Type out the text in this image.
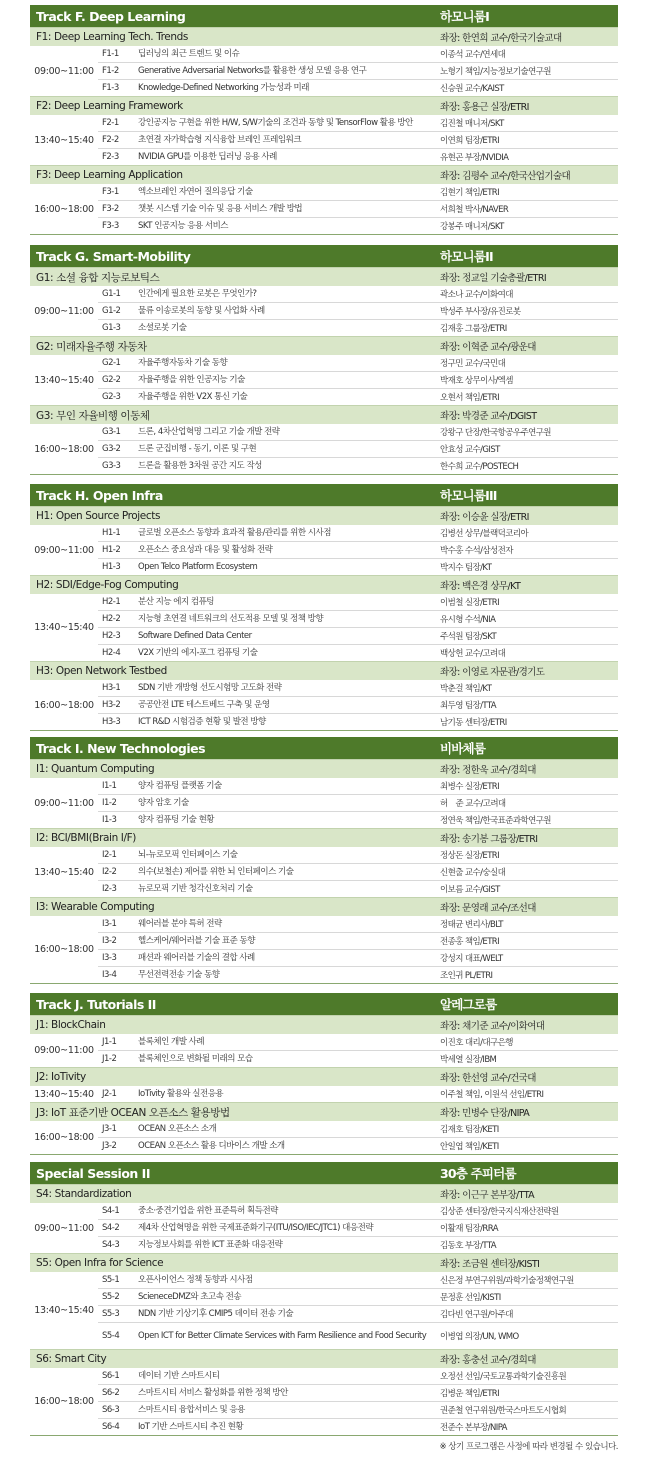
Track F. Deep Learning	하모니룸I
F1: Deep Learning Tech. Trends	좌장: 한연희 교수/한국기술교대
09:00~11:00
F1-1	딥러닝의 최근 트렌드 및 이슈	이종석 교수/연세대
F1-2	Generative Adversarial Networks를 활용한 생성 모델 응용 연구	노형기 책임/지능정보기술연구원
F1-3	Knowledge-Defined Networking 가능성과 미래	신승원 교수/KAIST
F2: Deep Learning Framework	좌장: 홍용근 실장/ETRI
13:40~15:40
F2-1	강인공지능 구현을 위한 H/W, S/W기술의 조건과 동향 및 TensorFlow 활용 방안	김진철 매니저/SKT
F2-2	초연결 자가학습형 지식융합 브레인 프레임워크	이연희 팀장/ETRI
F2-3	NVIDIA GPU를 이용한 딥러닝 응용 사례	유현곤 부장/NVIDIA
F3: Deep Learning Application	좌장: 김평수 교수/한국산업기술대
16:00~18:00
F3-1	엑소브레인 자연어 질의응답 기술	김현기 책임/ETRI
F3-2	챗봇 시스템 기술 이슈 및 응용 서비스 개발 방법	서희철 박사/NAVER
F3-3	SKT 인공지능 응용 서비스	강봉주 매니저/SKT
Track G. Smart-Mobility	하모니룸II
G1: 소셜 융합 지능로보틱스	좌장: 정교일 기술총괄/ETRI
09:00~11:00
G1-1	인간에게 필요한 로봇은 무엇인가?	곽소나 교수/이화여대
G1-2	물류 이송로봇의 동향 및 사업화 사례	박성주 부사장/유진로봇
G1-3	소셜로봇 기술	김재홍 그룹장/ETRI
G2: 미래자율주행 자동차	좌장: 이혁준 교수/광운대
13:40~15:40
G2-1	자율주행자동차 기술 동향	정구민 교수/국민대
G2-2	자율주행을 위한 인공지능 기술	박재호 상무이사/엑셈
G2-3	자율주행을 위한 V2X 통신 기술	오현서 책임/ETRI
G3: 무인 자율비행 이동체	좌장: 박경준 교수/DGIST
16:00~18:00
G3-1	드론, 4차산업혁명 그리고 기술 개발 전략	강왕구 단장/한국항공우주연구원
G3-2	드론 군집비행 - 동기, 이론 및 구현	안효성 교수/GIST
G3-3	드론을 활용한 3차원 공간 지도 작성	한수희 교수/POSTECH
Track H. Open Infra	하모니룸III
H1: Open Source Projects	좌장: 이승윤 실장/ETRI
09:00~11:00
H1-1	글로벌 오픈소스 동향과 효과적 활용/관리를 위한 시사점	김병선 상무/블랙덕코리아
H1-2	오픈소스 중요성과 대응 및 활성화 전략	박수홍 수석/삼성전자
H1-3	Open Telco Platform Ecosystem	박지수 팀장/KT
H2: SDI/Edge-Fog Computing	좌장: 백은경 상무/KT
13:40~15:40
H2-1	분산 지능 에지 컴퓨팅	이범철 실장/ETRI
H2-2	지능형 초연결 네트워크의 선도적용 모델 및 정책 방향	유시형 수석/NIA
H2-3	Software Defined Data Center	주석원 팀장/SKT
H2-4	V2X 기반의 에지-포그 컴퓨팅 기술	백상헌 교수/고려대
H3: Open Network Testbed	좌장: 이영로 자문관/경기도
16:00~18:00
H3-1	SDN 기반 개방형 선도시험망 고도화 전략	박춘걸 책임/KT
H3-2	공공안전 LTE 테스트베드 구축 및 운영	최두영 팀장/TTA
H3-3	ICT R&D 시험검증 현황 및 발전 방향	남기동 센터장/ETRI
Track I. New Technologies	비바체룸
I1: Quantum Computing	좌장: 정한욱 교수/경희대
09:00~11:00
I1-1	양자 컴퓨팅 플랫폼 기술	최병수 실장/ETRI
I1-2	양자 암호 기술	허　준 교수/고려대
I1-3	양자 컴퓨팅 기술 현황	정연욱 책임/한국표준과학연구원
I2: BCI/BMI(Brain I/F)	좌장: 송기봉 그룹장/ETRI
13:40~15:40
I2-1	뇌-뉴로모픽 인터페이스 기술	정상돈 실장/ETRI
I2-2	의수(보철손) 제어를 위한 뇌 인터페이스 기술	신현출 교수/숭실대
I2-3	뉴로모픽 기반 청각신호처리 기술	이보름 교수/GIST
I3: Wearable Computing	좌장: 문영래 교수/조선대
16:00~18:00
I3-1	웨어러블 분야 특허 전략	정태균 변리사/BLT
I3-2	헬스케어/웨어러블 기술 표준 동향	전종홍 책임/ETRI
I3-3	패션과 웨어러블 기술의 결합 사례	강성지 대표/WELT
I3-4	무선전력전송 기술 동향	조인귀 PL/ETRI
Track J. Tutorials II	알레그로룸
J1: BlockChain	좌장: 채기준 교수/이화여대
09:00~11:00
J1-1	블록체인 개발 사례	이진호 대리/대구은행
J1-2	블록체인으로 변화될 미래의 모습	박세열 실장/IBM
J2: IoTivity	좌장: 한선영 교수/건국대
13:40~15:40 J2-1	IoTivity 활용와 실전응용	이주철 책임, 이원석 선임/ETRI
J3: IoT 표준기반 OCEAN 오픈소스 활용방법	좌장: 민병수 단장/NIPA
16:00~18:00
J3-1	OCEAN 오픈소스 소개	김재호 팀장/KETI
J3-2	OCEAN 오픈소스 활용 디바이스 개발 소개	안일엽 책임/KETI
Special Session II	30층 주피터룸
S4: Standardization	좌장: 이근구 본부장/TTA
09:00~11:00
S4-1	중소·중견기업을 위한 표준특허 획득전략	김상준 센터장/한국지식재산전략원
S4-2	제4차 산업혁명을 위한 국제표준화기구(ITU/ISO/IEC/JTC1) 대응전략	이활재 팀장/RRA
S4-3	지능정보사회를 위한 ICT 표준화 대응전략	김동호 부장/TTA
S5: Open Infra for Science	좌장: 조금원 센터장/KISTI
13:40~15:40
S5-1	오픈사이언스 정책 동향과 시사점	신은정 부연구위원/과학기술정책연구원
S5-2	ScieneceDMZ와 초고속 전송	문정훈 선임/KISTI
S5-3	NDN 기반 기상기후 CMIP5 데이터 전송 기술	김다빈 연구원/아주대
S5-4	Open ICT for Better Climate Services with Farm Resilience and Food Security	이병엽 의장/UN, WMO
S6: Smart City	좌장: 홍충선 교수/경희대
16:00~18:00
S6-1	데이터 기반 스마트시티	오정선 선임/국토교통과학기술진흥원
S6-2	스마트시티 서비스 활성화를 위한 정책 방안	김병운 책임/ETRI
S6-3	스마트시티 융합서비스 및 응용	권준철 연구위원/한국스마트도시협회
S6-4	IoT 기반 스마트시티 추진 현황	전준수 본부장/NIPA
※ 상기 프로그램은 사정에 따라 변경될 수 있습니다.
